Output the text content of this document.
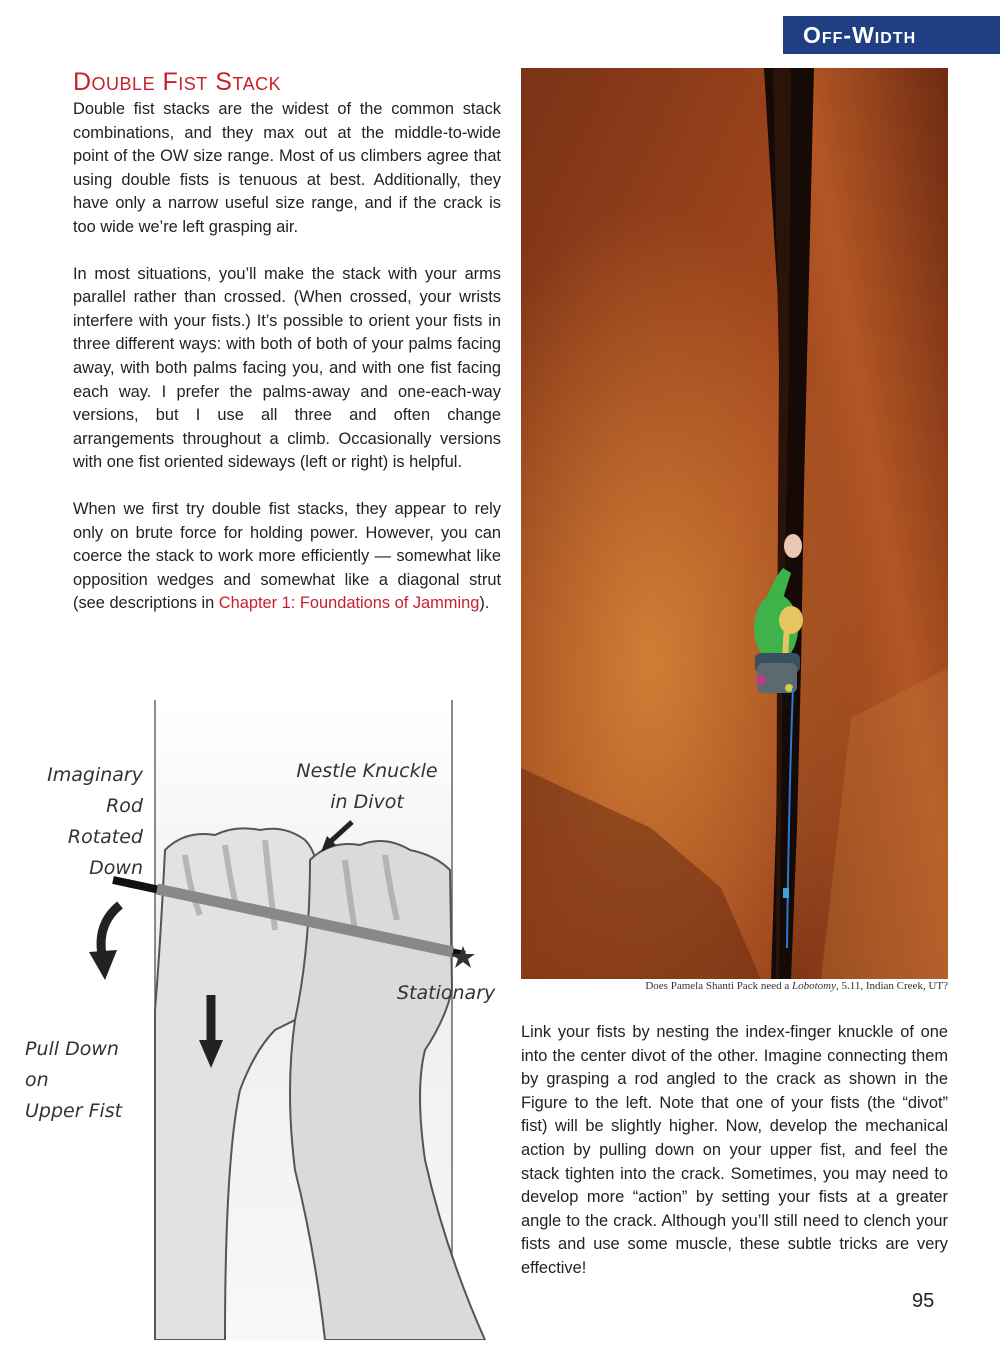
Off-Width
Double Fist Stack

Double fist stacks are the widest of the common stack combinations, and they max out at the middle-to-wide point of the OW size range. Most of us climbers agree that using double fists is tenuous at best. Additionally, they have only a narrow useful size range, and if the crack is too wide we’re left grasping air.

In most situations, you’ll make the stack with your arms parallel rather than crossed. (When crossed, your wrists interfere with your fists.) It’s possible to orient your fists in three different ways: with both of both of your palms facing away, with both palms facing you, and with one fist facing each way. I prefer the palms-away and one-each-way versions, but I use all three and often change arrangements throughout a climb. Occasionally versions with one fist oriented sideways (left or right) is helpful.

When we first try double fist stacks, they appear to rely only on brute force for holding power. However, you can coerce the stack to work more efficiently — somewhat like opposition wedges and somewhat like a diagonal strut (see descriptions in Chapter 1: Foundations of Jamming).

Does Pamela Shanti Pack need a Lobotomy, 5.11, Indian Creek, UT?
Imaginary
Rod Rotated
Down
Nestle Knuckle
in Divot
Stationary
Pull Down on
Upper Fist

Link your fists by nesting the index-finger knuckle of one into the center divot of the other. Imagine connecting them by grasping a rod angled to the crack as shown in the Figure to the left. Note that one of your fists (the “divot” fist) will be slightly higher. Now, develop the mechanical action by pulling down on your upper fist, and feel the stack tighten into the crack. Sometimes, you may need to develop more “action” by setting your fists at a greater angle to the crack. Although you’ll still need to clench your fists and use some muscle, these subtle tricks are very effective!

95
